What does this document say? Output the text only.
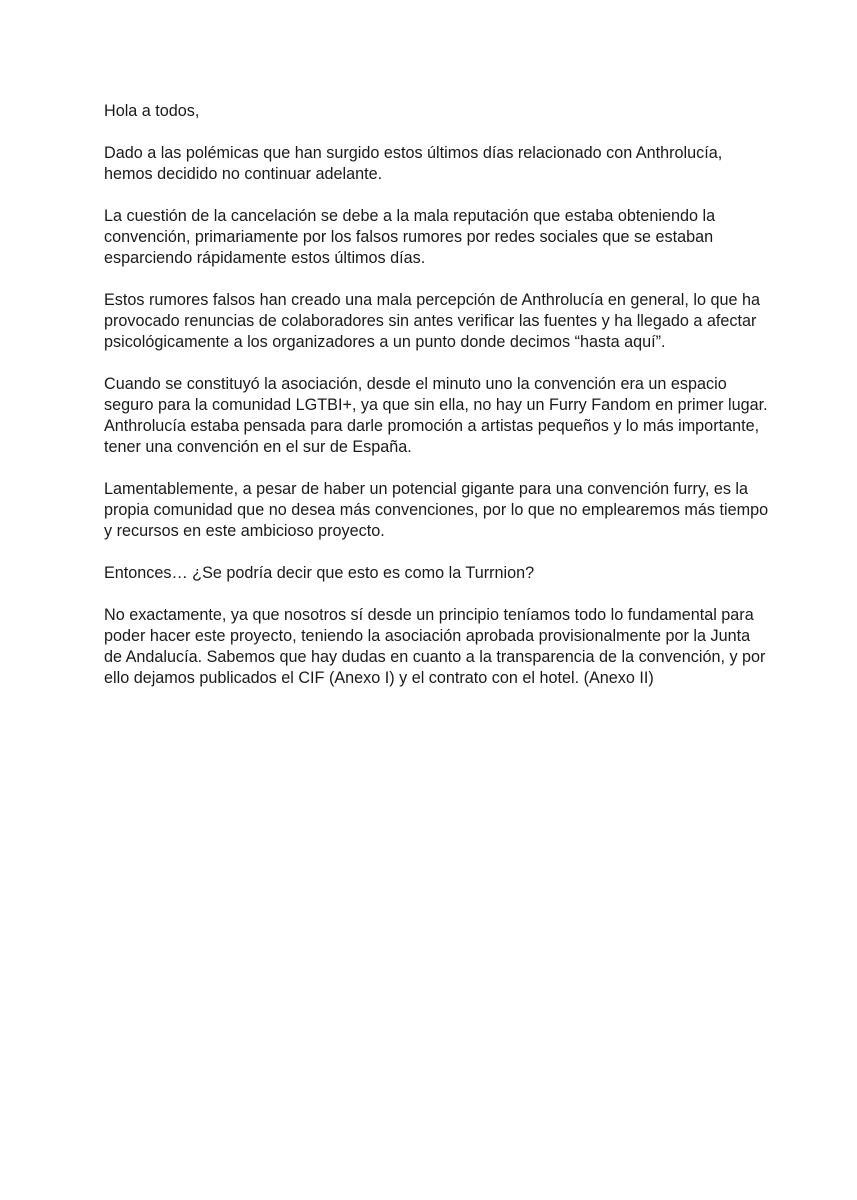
Hola a todos,

Dado a las polémicas que han surgido estos últimos días relacionado con Anthrolucía,
hemos decidido no continuar adelante.

La cuestión de la cancelación se debe a la mala reputación que estaba obteniendo la
convención, primariamente por los falsos rumores por redes sociales que se estaban
esparciendo rápidamente estos últimos días.

Estos rumores falsos han creado una mala percepción de Anthrolucía en general, lo que ha
provocado renuncias de colaboradores sin antes verificar las fuentes y ha llegado a afectar
psicológicamente a los organizadores a un punto donde decimos “hasta aquí”.

Cuando se constituyó la asociación, desde el minuto uno la convención era un espacio
seguro para la comunidad LGTBI+, ya que sin ella, no hay un Furry Fandom en primer lugar.
Anthrolucía estaba pensada para darle promoción a artistas pequeños y lo más importante,
tener una convención en el sur de España.

Lamentablemente, a pesar de haber un potencial gigante para una convención furry, es la
propia comunidad que no desea más convenciones, por lo que no emplearemos más tiempo
y recursos en este ambicioso proyecto.

Entonces… ¿Se podría decir que esto es como la Turrnion?

No exactamente, ya que nosotros sí desde un principio teníamos todo lo fundamental para
poder hacer este proyecto, teniendo la asociación aprobada provisionalmente por la Junta
de Andalucía. Sabemos que hay dudas en cuanto a la transparencia de la convención, y por
ello dejamos publicados el CIF (Anexo I) y el contrato con el hotel. (Anexo II)
